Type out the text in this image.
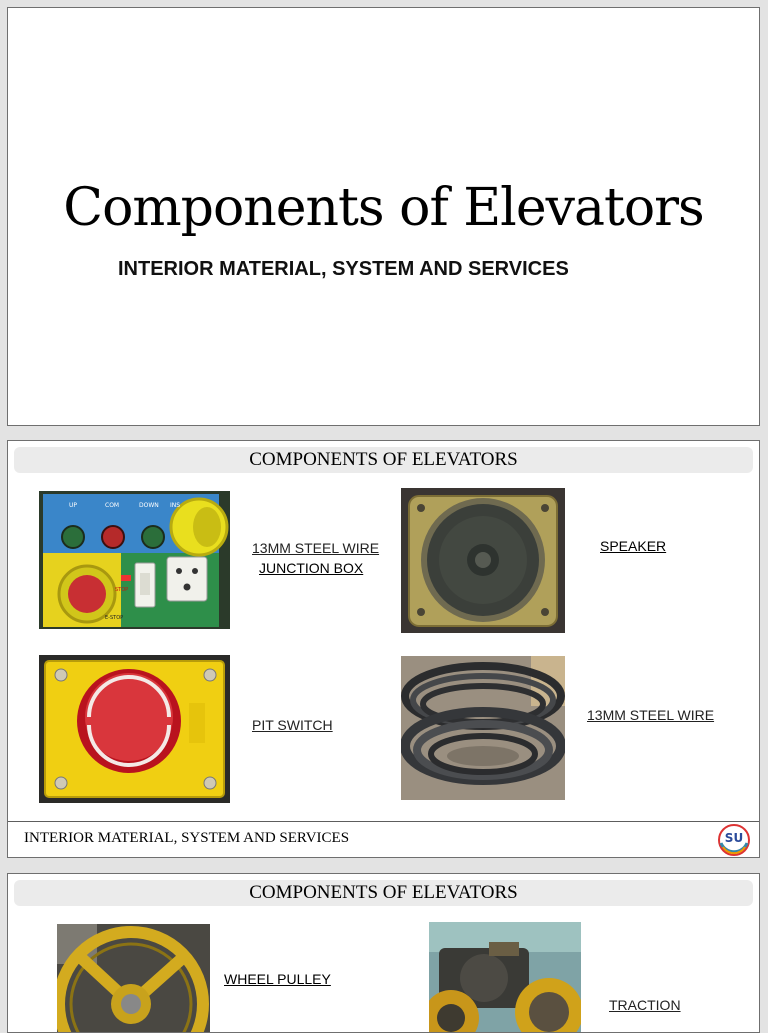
Components of Elevators
INTERIOR MATERIAL, SYSTEM AND SERVICES
COMPONENTS OF ELEVATORS
UP	COM	DOWN INS
STOP
E-STOP
13MM STEEL WIRE
JUNCTION BOX
SPEAKER
PIT SWITCH
13MM STEEL WIRE
INTERIOR MATERIAL, SYSTEM AND SERVICES	SU
COMPONENTS OF ELEVATORS
WHEEL PULLEY
TRACTION
